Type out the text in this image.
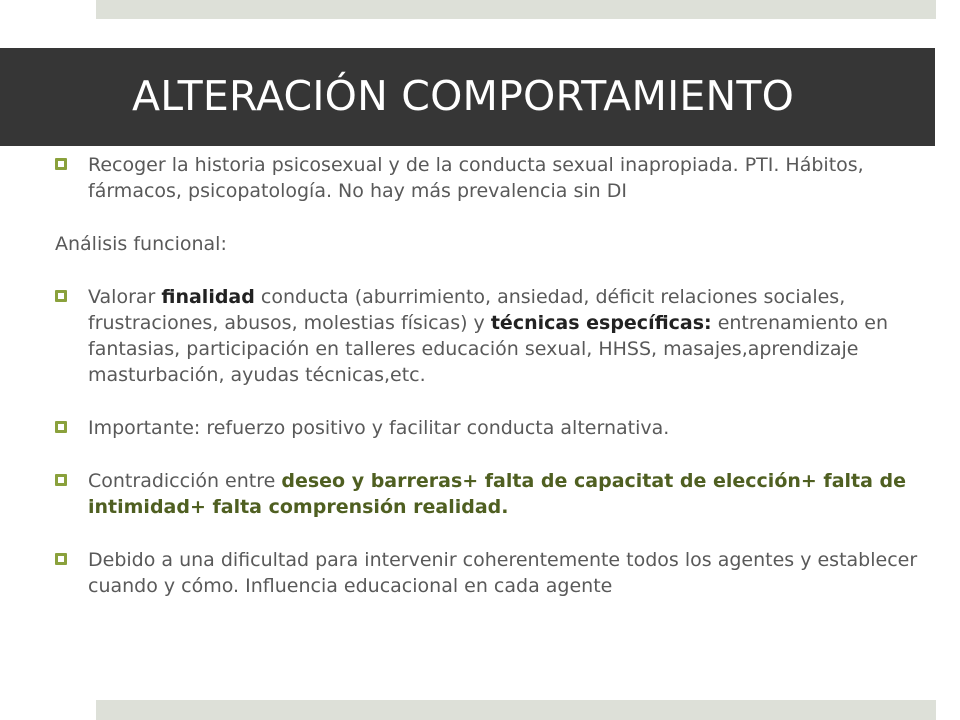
ALTERACIÓN COMPORTAMIENTO
Recoger la historia psicosexual y de la conducta sexual inapropiada. PTI. Hábitos, fármacos, psicopatología. No hay más prevalencia sin DI
Análisis funcional:
Valorar finalidad conducta (aburrimiento, ansiedad, déficit relaciones sociales, frustraciones, abusos, molestias físicas) y técnicas específicas: entrenamiento en fantasias, participación en talleres educación sexual, HHSS, masajes,aprendizaje masturbación, ayudas técnicas,etc.
Importante: refuerzo positivo y facilitar conducta alternativa.
Contradicción entre deseo y barreras+ falta de capacitat de elección+ falta de intimidad+ falta comprensión realidad.
Debido a una dificultad para intervenir coherentemente todos los agentes y establecer cuando y cómo. Influencia educacional en cada agente
